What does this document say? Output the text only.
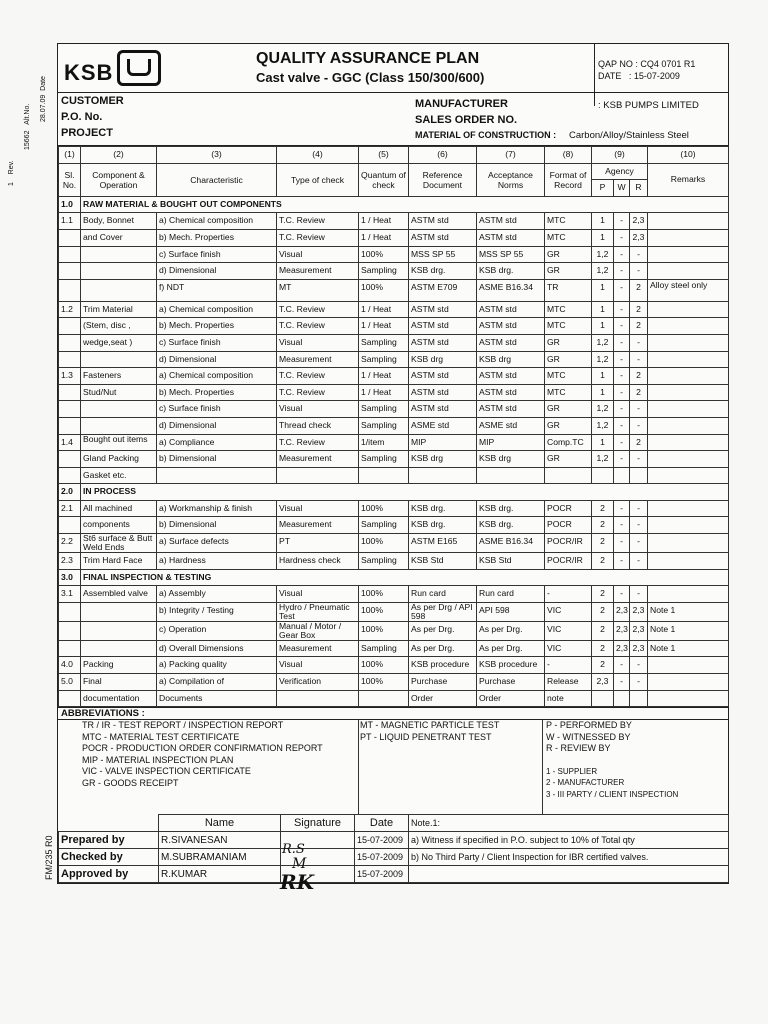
1    Rev.
15662   Alt.No. 28.07.09  Date
FM/235 R0
KSB
QUALITY ASSURANCE PLAN
Cast valve - GGC (Class 150/300/600)
QAP NO : CQ4 0701 R1
DATE : 15-07-2009
CUSTOMER
P.O. No.
PROJECT
MANUFACTURER	: KSB PUMPS LIMITED
SALES ORDER NO.
MATERIAL OF CONSTRUCTION : Carbon/Alloy/Stainless Steel
(1)	(2)	(3)	(4)	(5)	(6)	(7)	(8)	(9)			(10)
Sl. No.	Component & Operation	Characteristic	Type of check	Quantum of check	Reference Document	Acceptance Norms	Format of Record	Agency			Remarks
								P	W	R	
1.0	RAW MATERIAL & BOUGHT OUT COMPONENTS										
1.1	Body, Bonnet	a) Chemical composition	T.C. Review	1 / Heat	ASTM std	ASTM std	MTC	1	-	2,3	
	and Cover	b) Mech. Properties	T.C. Review	1 / Heat	ASTM std	ASTM std	MTC	1	-	2,3	
		c) Surface finish	Visual	100%	MSS SP 55	MSS SP 55	GR	1,2	-	-	
		d) Dimensional	Measurement	Sampling	KSB drg.	KSB drg.	GR	1,2	-	-	
		f) NDT	MT	100%	ASTM E709	ASME B16.34	TR	1	-	2	Alloy steel only
1.2	Trim Material	a) Chemical composition	T.C. Review	1 / Heat	ASTM std	ASTM std	MTC	1	-	2	
	(Stem, disc ,	b) Mech. Properties	T.C. Review	1 / Heat	ASTM std	ASTM std	MTC	1	-	2	
	wedge,seat )	c) Surface finish	Visual	Sampling	ASTM std	ASTM std	GR	1,2	-	-	
		d) Dimensional	Measurement	Sampling	KSB drg	KSB drg	GR	1,2	-	-	
1.3	Fasteners	a) Chemical composition	T.C. Review	1 / Heat	ASTM std	ASTM std	MTC	1	-	2	
	Stud/Nut	b) Mech. Properties	T.C. Review	1 / Heat	ASTM std	ASTM std	MTC	1	-	2	
		c) Surface finish	Visual	Sampling	ASTM std	ASTM std	GR	1,2	-	-	
		d) Dimensional	Thread check	Sampling	ASME std	ASME std	GR	1,2	-	-	
1.4	Bought out items	a) Compliance	T.C. Review	1/item	MIP	MIP	Comp.TC	1	-	2	
	Gland Packing	b) Dimensional	Measurement	Sampling	KSB drg	KSB drg	GR	1,2	-	-	
	Gasket etc.										
2.0	IN PROCESS										
2.1	All machined	a) Workmanship & finish	Visual	100%	KSB drg.	KSB drg.	POCR	2	-	-	
	components	b) Dimensional	Measurement	Sampling	KSB drg.	KSB drg.	POCR	2	-	-	
2.2	St6 surface & Butt Weld Ends	a) Surface defects	PT	100%	ASTM E165	ASME B16.34	POCR/IR	2	-	-	
2.3	Trim Hard Face	a) Hardness	Hardness check	Sampling	KSB Std	KSB Std	POCR/IR	2	-	-	
3.0	FINAL INSPECTION & TESTING										
3.1	Assembled valve	a) Assembly	Visual	100%	Run card	Run card	-	2	-	-	
		b) Integrity / Testing	Hydro / Pneumatic Test	100%	As per Drg / API 598	API 598	VIC	2	2,3	2,3	Note 1
		c) Operation	Manual / Motor / Gear Box	100%	As per Drg.	As per Drg.	VIC	2	2,3	2,3	Note 1
		d) Overall Dimensions	Measurement	Sampling	As per Drg.	As per Drg.	VIC	2	2,3	2,3	Note 1
4.0	Packing	a) Packing quality	Visual	100%	KSB procedure	KSB procedure	-	2	-	-	
5.0	Final	a) Compilation of	Verification	100%	Purchase	Purchase	Release	2,3	-	-	
	documentation	Documents			Order	Order	note				
ABBREVIATIONS :
TR / IR - TEST REPORT / INSPECTION REPORT
MTC - MATERIAL TEST CERTIFICATE
POCR - PRODUCTION ORDER CONFIRMATION REPORT
MIP - MATERIAL INSPECTION PLAN
VIC - VALVE INSPECTION CERTIFICATE
GR - GOODS RECEIPT
MT - MAGNETIC PARTICLE TEST
PT - LIQUID PENETRANT TEST
P - PERFORMED BY
W - WITNESSED BY
R - REVIEW BY
1 - SUPPLIER
2 - MANUFACTURER
3 - III PARTY / CLIENT INSPECTION
	Name	Signature	Date	Note.1:
Prepared by	R.SIVANESAN		15-07-2009	a) Witness if specified in P.O. subject to 10% of Total qty
Checked by	M.SUBRAMANIAM		15-07-2009	b) No Third Party / Client Inspection for IBR certified valves.
Approved by	R.KUMAR		15-07-2009	
R.S
M
RK
